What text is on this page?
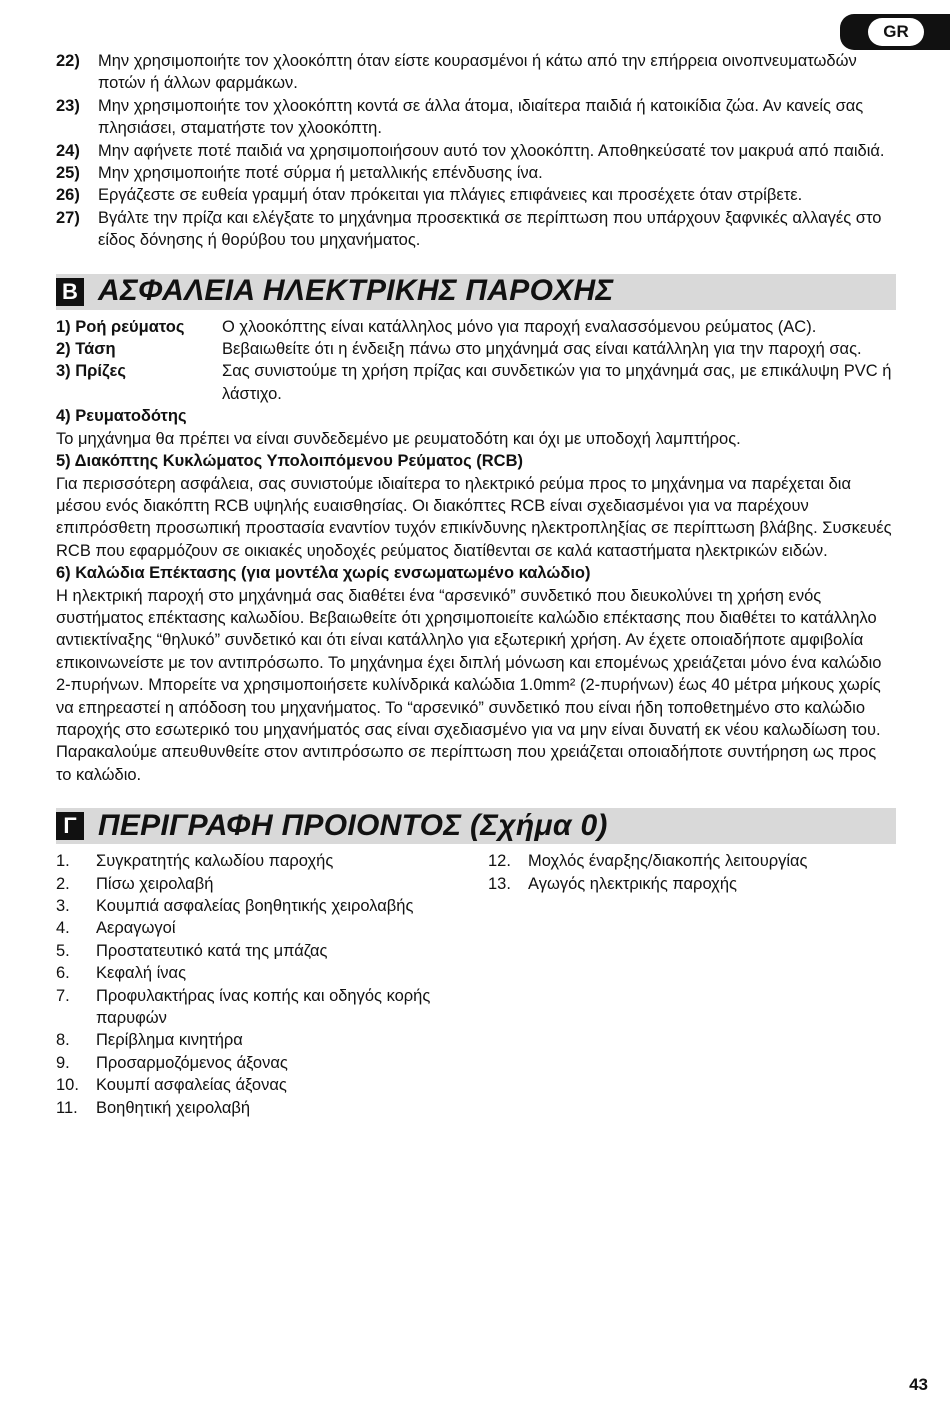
GR
22)	Μην χρησιμοποιήτε τον χλοοκόπτη όταν είστε κουρασμένοι ή κάτω από την επήρρεια οινοπνευματωδών ποτών ή άλλων φαρμάκων.
23)	Μην χρησιμοποιήτε τον χλοοκόπτη κοντά σε άλλα άτομα, ιδιαίτερα παιδιά ή κατοικίδια ζώα. Αν κανείς σας πλησιάσει, σταματήστε τον χλοοκόπτη.
24)	Μην αφήνετε ποτέ παιδιά να χρησιμοποιήσουν αυτό τον χλοοκόπτη. Αποθηκεύσατέ τον μακρυά από παιδιά.
25)	Μην χρησιμοποιήτε ποτέ σύρμα ή μεταλλικής επένδυσης ίνα.
26)	Εργάζεστε σε ευθεία γραμμή όταν πρόκειται για πλάγιες επιφάνειες και προσέχετε όταν στρίβετε.
27)	Βγάλτε την πρίζα και ελέγξατε το μηχάνημα προσεκτικά σε περίπτωση που υπάρχουν ξαφνικές αλλαγές στο είδος δόνησης ή θορύβου του μηχανήματος.
B ΑΣΦΑΛΕΙΑ ΗΛΕΚΤΡΙΚΗΣ ΠΑΡΟΧΗΣ
1) Ροή ρεύματος	Ο χλοοκόπτης είναι κατάλληλος μόνο για παροχή εναλασσόμενου ρεύματος (AC).
2) Τάση	Βεβαιωθείτε ότι η ένδειξη πάνω στο μηχάνημά σας είναι κατάλληλη για την παροχή σας.
3) Πρίζες	Σας συνιστούμε τη χρήση πρίζας και συνδετικών για το μηχάνημά σας, με επικάλυψη PVC ή λάστιχο.
4) Ρευματοδότης
Το μηχάνημα θα πρέπει να είναι συνδεδεμένο με ρευματοδότη και όχι με υποδοχή λαμπτήρος.
5) Διακόπτης Κυκλώματος Υπολοιπόμενου Ρεύματος (RCB)
Για περισσότερη ασφάλεια, σας συνιστούμε ιδιαίτερα το ηλεκτρικό ρεύμα προς το μηχάνημα να παρέχεται δια μέσου ενός διακόπτη RCB υψηλής ευαισθησίας. Οι διακόπτες RCB είναι σχεδιασμένοι για να παρέχουν επιπρόσθετη προσωπική προστασία εναντίον τυχόν επικίνδυνης ηλεκτροπληξίας σε περίπτωση βλάβης. Συσκευές RCB που εφαρμόζουν σε οικιακές υηοδοχές ρεύματος διατίθενται σε καλά καταστήματα ηλεκτρικών ειδών.
6) Καλώδια Επέκτασης (για μοντέλα χωρίς ενσωματωμένο καλώδιο)
Η ηλεκτρική παροχή στο μηχάνημά σας διαθέτει ένα “αρσενικό” συνδετικό που διευκολύνει τη χρήση ενός συστήματος επέκτασης καλωδίου. Βεβαιωθείτε ότι χρησιμοποιείτε καλώδιο επέκτασης που διαθέτει το κατάλληλο αντιεκτίναξης “θηλυκό” συνδετικό και ότι είναι κατάλληλο για εξωτερική χρήση. Αν έχετε οποιαδήποτε αμφιβολία επικοινωνείστε με τον αντιπρόσωπο. Το μηχάνημα έχει διπλή μόνωση και επομένως χρειάζεται μόνο ένα καλώδιο 2-πυρήνων. Μπορείτε να χρησιμοποιήσετε κυλίνδρικά καλώδια 1.0mm² (2-πυρήνων) έως 40 μέτρα μήκους χωρίς να επηρεαστεί η απόδοση του μηχανήματος. Το “αρσενικό” συνδετικό που είναι ήδη τοποθετημένο στο καλώδιο παροχής στο εσωτερικό του μηχανήματός σας είναι σχεδιασμένο για να μην είναι δυνατή εκ νέου καλωδίωση του. Παρακαλούμε απευθυνθείτε στον αντιπρόσωπο σε περίπτωση που χρειάζεται οποιαδήποτε συντήρηση ως προς το καλώδιο.
Γ ΠΕΡΙΓΡΑΦΗ ΠΡΟΙΟΝΤΟΣ (Σχήμα 0)
1.	Συγκρατητής καλωδίου παροχής
2.	Πίσω χειρολαβή
3.	Κουμπιά ασφαλείας βοηθητικής χειρολαβής
4.	Αεραγωγοί
5.	Προστατευτικό κατά της μπάζας
6.	Κεφαλή ίνας
7.	Προφυλακτήρας ίνας κοπής και οδηγός κορής παρυφών
8.	Περίβλημα κινητήρα
9.	Προσαρμοζόμενος άξονας
10.	Κουμπί ασφαλείας άξονας
11.	Βοηθητική χειρολαβή
12.	Μοχλός έναρξης/διακοπής λειτουργίας
13.	Αγωγός ηλεκτρικής παροχής
43
